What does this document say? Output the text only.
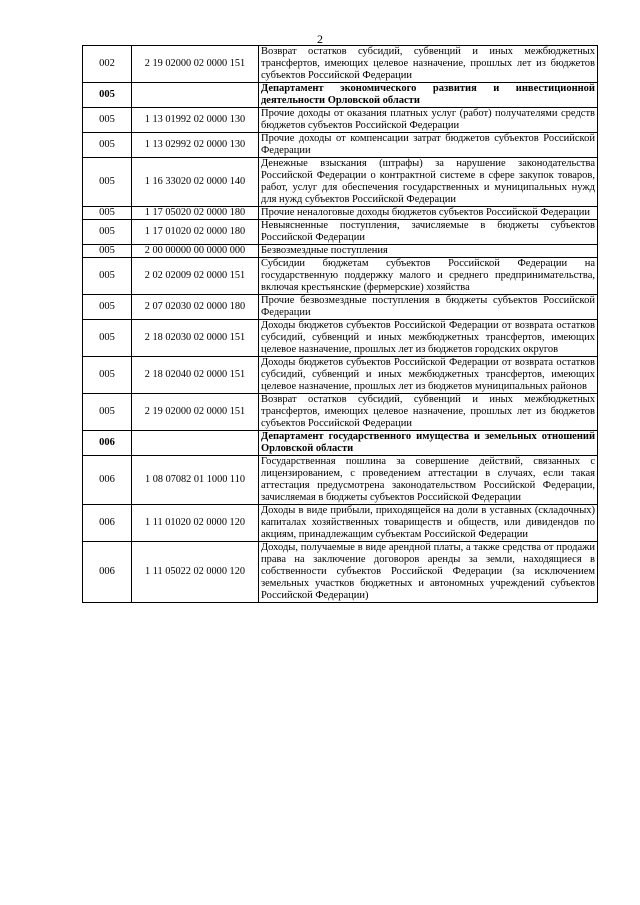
2
002	2 19 02000 02 0000 151	Возврат остатков субсидий, субвенций и иных межбюджетных трансфертов, имеющих целевое назначение, прошлых лет из бюджетов субъектов Российской Федерации
005		Департамент экономического развития и инвестиционной деятельности Орловской области
005	1 13 01992 02 0000 130	Прочие доходы от оказания платных услуг (работ) получателями средств бюджетов субъектов Российской Федерации
005	1 13 02992 02 0000 130	Прочие доходы от компенсации затрат бюджетов субъектов Российской Федерации
005	1 16 33020 02 0000 140	Денежные взыскания (штрафы) за нарушение законодательства Российской Федерации о контрактной системе в сфере закупок товаров, работ, услуг для обеспечения государственных и муниципальных нужд для нужд субъектов Российской Федерации
005	1 17 05020 02 0000 180	Прочие неналоговые доходы бюджетов субъектов Российской Федерации
005	1 17 01020 02 0000 180	Невыясненные поступления, зачисляемые в бюджеты субъектов Российской Федерации
005	2 00 00000 00 0000 000	Безвозмездные поступления
005	2 02 02009 02 0000 151	Субсидии бюджетам субъектов Российской Федерации на государственную поддержку малого и среднего предпринимательства, включая крестьянские (фермерские) хозяйства
005	2 07 02030 02 0000 180	Прочие безвозмездные поступления в бюджеты субъектов Российской Федерации
005	2 18 02030 02 0000 151	Доходы бюджетов субъектов Российской Федерации от возврата остатков субсидий, субвенций и иных межбюджетных трансфертов, имеющих целевое назначение, прошлых лет из бюджетов городских округов
005	2 18 02040 02 0000 151	Доходы бюджетов субъектов Российской Федерации от возврата остатков субсидий, субвенций и иных межбюджетных трансфертов, имеющих целевое назначение, прошлых лет из бюджетов муниципальных районов
005	2 19 02000 02 0000 151	Возврат остатков субсидий, субвенций и иных межбюджетных трансфертов, имеющих целевое назначение, прошлых лет из бюджетов субъектов Российской Федерации
006		Департамент государственного имущества и земельных отношений Орловской области
006	1 08 07082 01 1000 110	Государственная пошлина за совершение действий, связанных с лицензированием, с проведением аттестации в случаях, если такая аттестация предусмотрена законодательством Российской Федерации, зачисляемая в бюджеты субъектов Российской Федерации
006	1 11 01020 02 0000 120	Доходы в виде прибыли, приходящейся на доли в уставных (складочных) капиталах хозяйственных товариществ и обществ, или дивидендов по акциям, принадлежащим субъектам Российской Федерации
006	1 11 05022 02 0000 120	Доходы, получаемые в виде арендной платы, а также средства от продажи права на заключение договоров аренды за земли, находящиеся в собственности субъектов Российской Федерации (за исключением земельных участков бюджетных и автономных учреждений субъектов Российской Федерации)
